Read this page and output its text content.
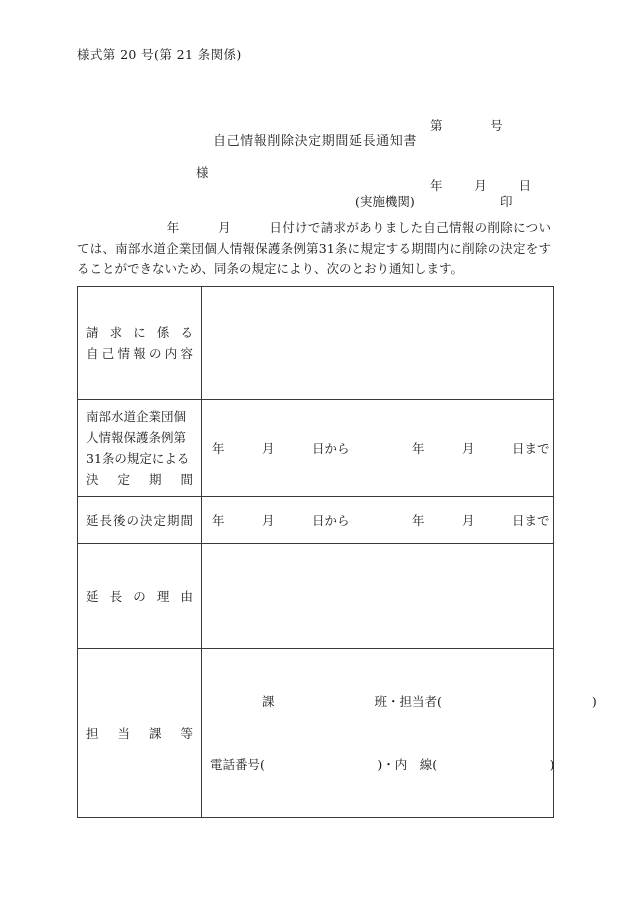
様式第 20 号(第 21 条関係)

第            号

年        月        日

自己情報削除決定期間延長通知書
様
(実施機関)	印
　　　　　　　年　　　月　　　日付けで請求がありました自己情報の削除については、南部水道企業団個人情報保護条例第31条に規定する期間内に削除の決定をすることができないため、同条の規定により、次のとおり通知します。
請求に係る
自己情報の内容	

南部水道企業団個
人情報保護条例第
31条の規定による
決定期間	年　　　月　　　日から　　　　　年　　　月　　　日まで

延長後の決定期間	年　　　月　　　日から　　　　　年　　　月　　　日まで

延長の理由	

担当課等	課　　　　　　　　班・担当者(　　　　　　　　　　　　)

電話番号(　　　　　　　　　)・内　線(　　　　　　　　　)
